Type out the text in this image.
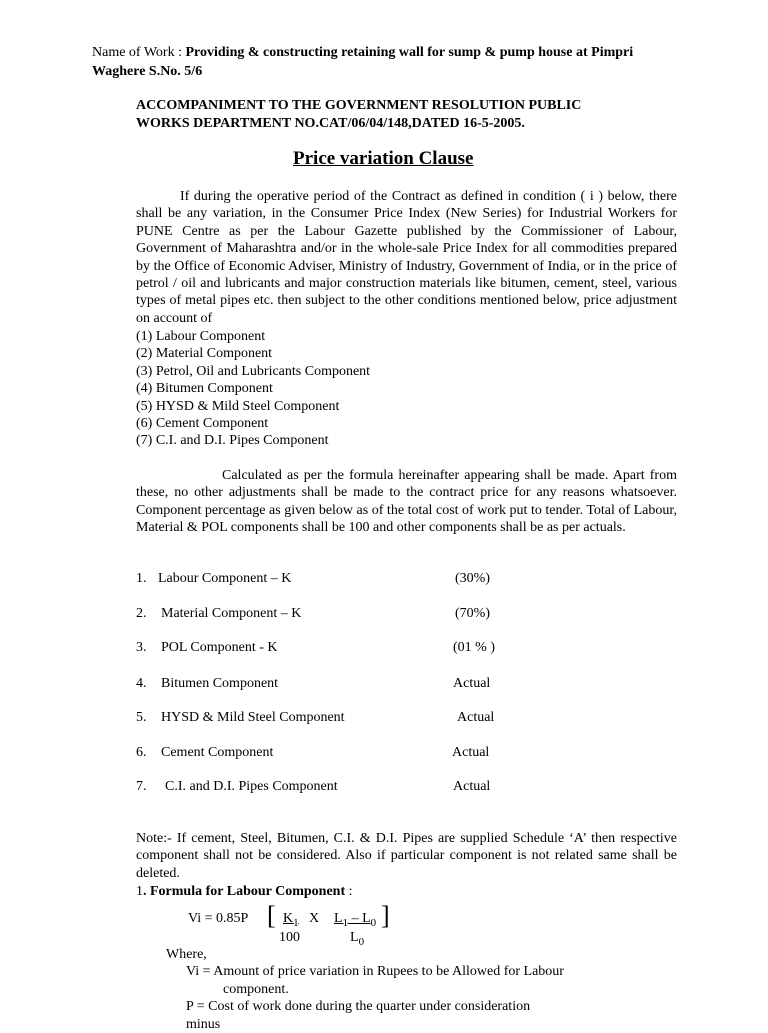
Name of Work : Providing & constructing retaining wall for sump & pump house at Pimpri
Waghere S.No. 5/6
ACCOMPANIMENT TO THE GOVERNMENT RESOLUTION PUBLIC
WORKS DEPARTMENT NO.CAT/06/04/148,DATED 16-5-2005.
Price variation Clause
If during the operative period of the Contract as defined in condition ( i ) below, there shall be any variation, in the Consumer Price Index (New Series) for Industrial Workers for PUNE Centre as per the Labour Gazette published by the Commissioner of Labour, Government of Maharashtra and/or in the whole-sale Price Index for all commodities prepared by the Office of Economic Adviser, Ministry of Industry, Government of India, or in the price of petrol / oil and lubricants and major construction materials like bitumen, cement, steel, various types of metal pipes etc. then subject to the other conditions mentioned below, price adjustment on account of
(1) Labour Component
(2) Material Component
(3) Petrol, Oil and Lubricants Component
(4) Bitumen Component
(5) HYSD & Mild Steel Component
(6) Cement Component
(7) C.I. and D.I. Pipes Component
Calculated as per the formula hereinafter appearing shall be made. Apart from these, no other adjustments shall be made to the contract price for any reasons whatsoever. Component percentage as given below as of the total cost of work put to tender. Total of Labour, Material & POL components shall be 100 and other components shall be as per actuals.
1. Labour Component – K	(30%)
2. Material Component – K	(70%)
3. POL Component - K	(01 % )
4. Bitumen Component	Actual
5. HYSD & Mild Steel Component	Actual
6. Cement Component	Actual
7. C.I. and D.I. Pipes Component	Actual
Note:- If cement, Steel, Bitumen, C.I. & D.I. Pipes are supplied Schedule ‘A’ then respective component shall not be considered. Also if particular component is not related same shall be deleted.
1. Formula for Labour Component :
Vi = 0.85P [ $K_1$ X $L_1 - L_0$ ]
100	$L_0$
Where,
Vi = Amount of price variation in Rupees to be Allowed for Labour
component.
P = Cost of work done during the quarter under consideration
minus
